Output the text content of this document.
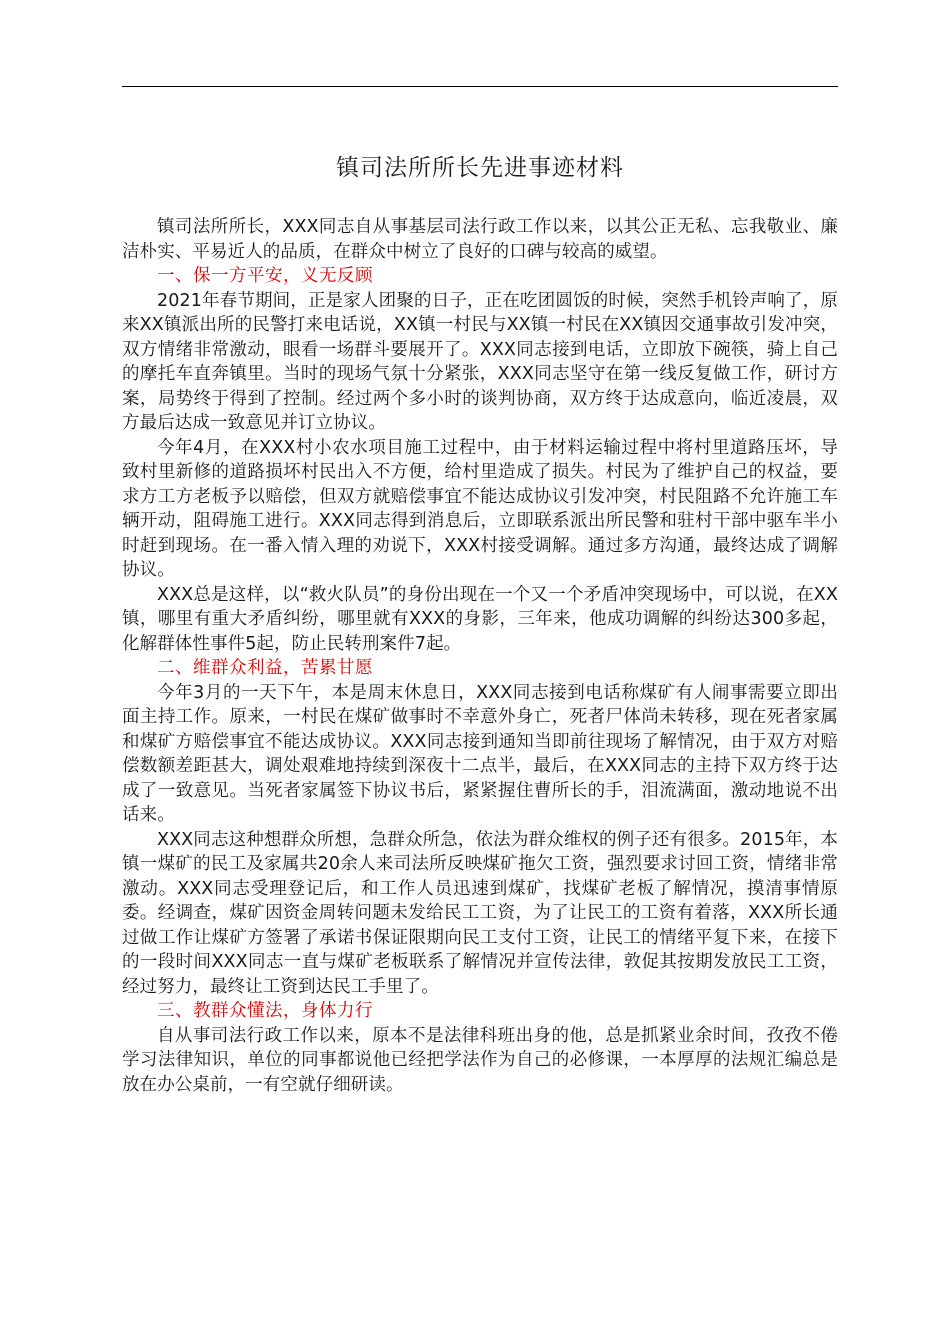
镇司法所所长先进事迹材料

镇司法所所长，XXX同志自从事基层司法行政工作以来，以其公正无私、忘我敬业、廉洁朴实、平易近人的品质，在群众中树立了良好的口碑与较高的威望。

一、保一方平安，义无反顾

2021年春节期间，正是家人团聚的日子，正在吃团圆饭的时候，突然手机铃声响了，原来XX镇派出所的民警打来电话说，XX镇一村民与XX镇一村民在XX镇因交通事故引发冲突，双方情绪非常激动，眼看一场群斗要展开了。XXX同志接到电话，立即放下碗筷，骑上自己的摩托车直奔镇里。当时的现场气氛十分紧张，XXX同志坚守在第一线反复做工作，研讨方案，局势终于得到了控制。经过两个多小时的谈判协商，双方终于达成意向，临近凌晨，双方最后达成一致意见并订立协议。

今年4月，在XXX村小农水项目施工过程中，由于材料运输过程中将村里道路压坏，导致村里新修的道路损坏村民出入不方便，给村里造成了损失。村民为了维护自己的权益，要求方工方老板予以赔偿，但双方就赔偿事宜不能达成协议引发冲突，村民阻路不允许施工车辆开动，阻碍施工进行。XXX同志得到消息后，立即联系派出所民警和驻村干部中驱车半小时赶到现场。在一番入情入理的劝说下，XXX村接受调解。通过多方沟通，最终达成了调解协议。

XXX总是这样，以“救火队员”的身份出现在一个又一个矛盾冲突现场中，可以说，在XX镇，哪里有重大矛盾纠纷，哪里就有XXX的身影，三年来，他成功调解的纠纷达300多起，化解群体性事件5起，防止民转刑案件7起。

二、维群众利益，苦累甘愿

今年3月的一天下午，本是周末休息日，XXX同志接到电话称煤矿有人闹事需要立即出面主持工作。原来，一村民在煤矿做事时不幸意外身亡，死者尸体尚未转移，现在死者家属和煤矿方赔偿事宜不能达成协议。XXX同志接到通知当即前往现场了解情况，由于双方对赔偿数额差距甚大，调处艰难地持续到深夜十二点半，最后，在XXX同志的主持下双方终于达成了一致意见。当死者家属签下协议书后，紧紧握住曹所长的手，泪流满面，激动地说不出话来。

XXX同志这种想群众所想，急群众所急，依法为群众维权的例子还有很多。2015年，本镇一煤矿的民工及家属共20余人来司法所反映煤矿拖欠工资，强烈要求讨回工资，情绪非常激动。XXX同志受理登记后，和工作人员迅速到煤矿，找煤矿老板了解情况，摸清事情原委。经调查，煤矿因资金周转问题未发给民工工资，为了让民工的工资有着落，XXX所长通过做工作让煤矿方签署了承诺书保证限期向民工支付工资，让民工的情绪平复下来，在接下的一段时间XXX同志一直与煤矿老板联系了解情况并宣传法律，敦促其按期发放民工工资，经过努力，最终让工资到达民工手里了。

三、教群众懂法，身体力行

自从事司法行政工作以来，原本不是法律科班出身的他，总是抓紧业余时间，孜孜不倦学习法律知识，单位的同事都说他已经把学法作为自己的必修课，一本厚厚的法规汇编总是放在办公桌前，一有空就仔细研读。
